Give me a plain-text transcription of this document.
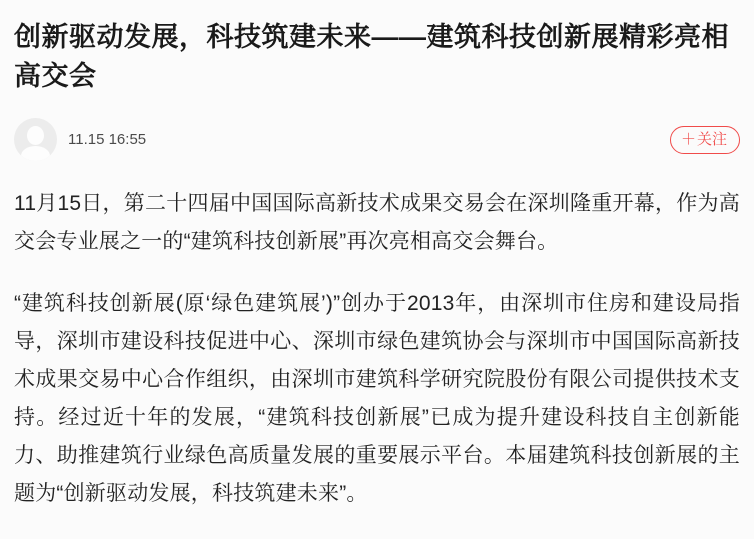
创新驱动发展，科技筑建未来——建筑科技创新展精彩亮相高交会
11.15 16:55	＋ 关注

11月15日，第二十四届中国国际高新技术成果交易会在深圳隆重开幕，作为高交会专业展之一的“建筑科技创新展”再次亮相高交会舞台。

“建筑科技创新展(原‘绿色建筑展’)”创办于2013年，由深圳市住房和建设局指导，深圳市建设科技促进中心、深圳市绿色建筑协会与深圳市中国国际高新技术成果交易中心合作组织，由深圳市建筑科学研究院股份有限公司提供技术支持。经过近十年的发展，“建筑科技创新展”已成为提升建设科技自主创新能力、助推建筑行业绿色高质量发展的重要展示平台。本届建筑科技创新展的主题为“创新驱动发展，科技筑建未来”。
